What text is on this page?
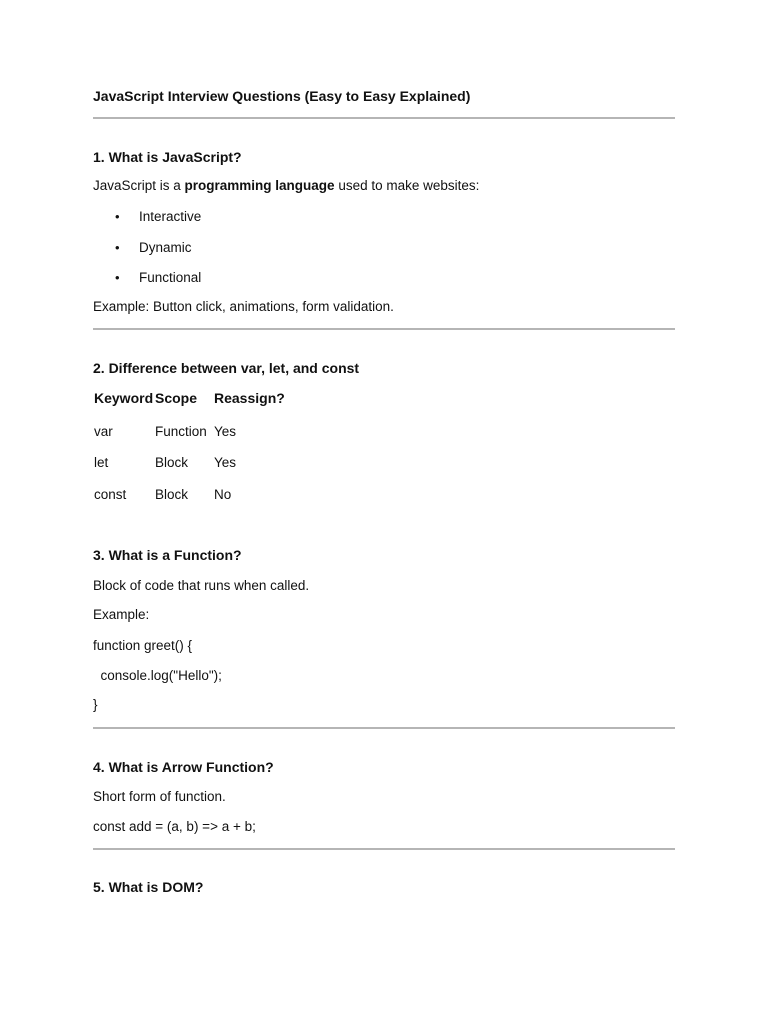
JavaScript Interview Questions (Easy to Easy Explained)
1. What is JavaScript?
JavaScript is a programming language used to make websites:
• Interactive
• Dynamic
• Functional
Example: Button click, animations, form validation.
2. Difference between var, let, and const
Keyword Scope Reassign?
var	Function Yes
let	Block Yes
const Block No
3. What is a Function?
Block of code that runs when called.
Example:
function greet() {
console.log("Hello");
}
4. What is Arrow Function?
Short form of function.
const add = (a, b) => a + b;
5. What is DOM?
